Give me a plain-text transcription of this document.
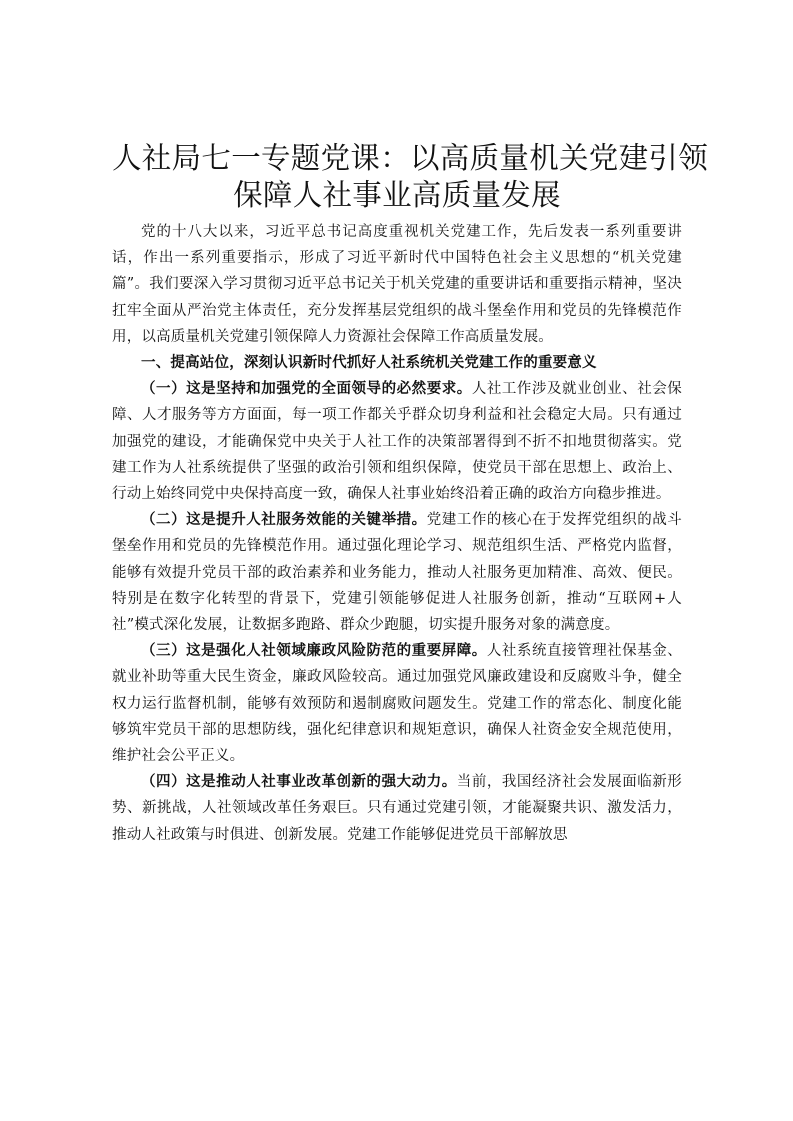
人社局七一专题党课：以高质量机关党建引领
保障人社事业高质量发展

党的十八大以来，习近平总书记高度重视机关党建工作，先后发表一系列重要讲话，作出一系列重要指示，形成了习近平新时代中国特色社会主义思想的“机关党建篇”。我们要深入学习贯彻习近平总书记关于机关党建的重要讲话和重要指示精神，坚决扛牢全面从严治党主体责任，充分发挥基层党组织的战斗堡垒作用和党员的先锋模范作用，以高质量机关党建引领保障人力资源社会保障工作高质量发展。

一、提高站位，深刻认识新时代抓好人社系统机关党建工作的重要意义

（一）这是坚持和加强党的全面领导的必然要求。人社工作涉及就业创业、社会保障、人才服务等方方面面，每一项工作都关乎群众切身利益和社会稳定大局。只有通过加强党的建设，才能确保党中央关于人社工作的决策部署得到不折不扣地贯彻落实。党建工作为人社系统提供了坚强的政治引领和组织保障，使党员干部在思想上、政治上、行动上始终同党中央保持高度一致，确保人社事业始终沿着正确的政治方向稳步推进。

（二）这是提升人社服务效能的关键举措。党建工作的核心在于发挥党组织的战斗堡垒作用和党员的先锋模范作用。通过强化理论学习、规范组织生活、严格党内监督，能够有效提升党员干部的政治素养和业务能力，推动人社服务更加精准、高效、便民。特别是在数字化转型的背景下，党建引领能够促进人社服务创新，推动“互联网+人社”模式深化发展，让数据多跑路、群众少跑腿，切实提升服务对象的满意度。

（三）这是强化人社领域廉政风险防范的重要屏障。人社系统直接管理社保基金、就业补助等重大民生资金，廉政风险较高。通过加强党风廉政建设和反腐败斗争，健全权力运行监督机制，能够有效预防和遏制腐败问题发生。党建工作的常态化、制度化能够筑牢党员干部的思想防线，强化纪律意识和规矩意识，确保人社资金安全规范使用，维护社会公平正义。

（四）这是推动人社事业改革创新的强大动力。当前，我国经济社会发展面临新形势、新挑战，人社领域改革任务艰巨。只有通过党建引领，才能凝聚共识、激发活力，推动人社政策与时俱进、创新发展。党建工作能够促进党员干部解放思
